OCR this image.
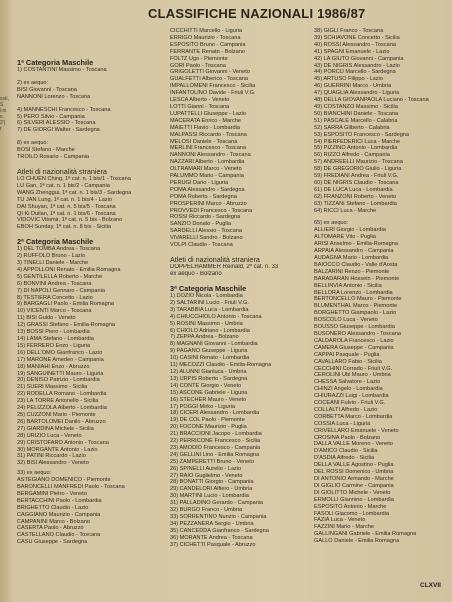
ssti,
S
i.ni
s.
2'(
r
CLASSIFICHE NAZIONALI 1986/87
1ª Categoria Maschile
1) COSTANTINI Massimo - Toscana
2) ex aequo:
BISI Giovanni - Toscana
NANNONI Lorenzo - Toscana
4) MANNESCHI Francesco - Toscana
5) PERO Silvio - Campania
6) SILVERI ALESSIO - Toscana
7) DE GIORGI Walter - Sardegna
8) ex aequo:
BOSI Stefano - Marche
TROILO Rosario - Campania
Atleti di nazionalità straniera
LO CHUEN Ching, 1ª cat. n. 1 bis/1 - Toscana
LU Gan, 1ª cat. n. 1 bis/2 - Campania
WANG Zhenggui, 1ª cat. n. 1 bis/3 - Sardegna
TU JAN Lung, 1ª cat. n. 1 bis/4 - Lazio
DAI Shuyan, 1ª cat. n. 5 bis/5 - Toscana
QI Ki Duilan, 1ª cat. n. 1 bis/6 - Toscana
VIDOVIC Vitomir, 1ª cat. n. 5 bis - Bolzano
EBOH Sunday, 1ª cat. n. 8 bis - Sicilia
2ª Categoria Maschile
1) DEL TOMBA Andrea - Toscana
2) RUFFOLO Bruno - Lazio
3) TINELLI Daniele - Marche
4) APPOLLONI Renato - Emilia Romagna
5) GENTILELLA Roberto - Marche
6) BONVINI Andrea - Toscana
7) DI NAPOLI Gennaro - Campania
8) TESTIERA Concetto - Lazio
9) BARGAGLI Paolo - Emilia Romagna
10) VICENTI Marco - Toscana
11) BISI Guido - Veneto
12) GRASSI Stefano - Emilia-Romagna
13) BOSSI Piero - Lombardia
14) LAMA Stefano - Lombardia
15) FERRERO Enzo - Liguria
16) DELL'OMO Gianfranco - Lazio
17) MARONE Amedeo - Campania
18) MANIAHI Enzo - Abruzzo
19) SANGUINETTI Mauro - Liguria
20) DENISO Patrizio - Lombardia
21) SUERI Massimo - Sicilia
22) RODELLA Romano - Lombardia
23) LA TORRE Antonello - Sicilia
24) PELIZZOLA Alberto - Lombardia
25) CUZZONI Mario - Piemonte
26) BARTOLOMEI Danilo - Abruzzo
27) GIARDINA Michele - Sicilia
28) URIZIO Luca - Veneto
29) CRISTOFARO Antonio - Toscana
30) MORGANTE Antonio - Lazio
31) PATINI Riccardo - Lazio
32) BISI Alessandro - Veneto
33) ex aequo:
ASTEGIANO DOMENICO - Piemonte
BARONCELLI MANFREDI Paolo - Toscana
BERGAMINI Pietro - Veneto
BERTACCHINI Paolo - Lombardia
BRIGHETTO Claudio - Lazio
CAGGIANO Maurizio - Campania
CAMPANINI Marco - Bolzano
CASERTA Paolo - Abruzzo
CASTELLANO Claudio - Toscana
CASU Giuseppe - Sardegna
CICCHITTI Marcello - Liguria
ERRIGO Maurizio - Toscana
ESPOSITO Bruno - Campania
FERRANTE Renato - Bolzano
FOLTZ Ugo - Piemonte
GORI Paolo - Toscana
GRIGOLETTI Giovanni - Veneto
GUALFETTI Alberico - Toscana
IMPALLOMENI Francesco - Sicilia
INFANTOLINO Davide - Friuli V.G.
LESCA Alberto - Veneto
LOTTI Gianni - Toscana
LUPATTELLI Giuseppe - Lazio
MACERATA Enrico - Marche
MAIETTI Flavio - Lombardia
MALPASSI Riccardo - Toscana
MELOSI Daniele - Toscana
MERLINI Francesco - Toscana
NANNONI Alessandro - Toscana
NAZZARI Alberto - Lombardia
OLTRAMARI Marco - Veneto
PALUMMO Mario - Campania
PERUGI Dario - Liguria
POMA Alessandro - Sardegna
POMA Roberto - Sardegna
PROSPERINI Marco - Abruzzo
PROVVEDI Francesco - Toscana
ROSSI Riccardo - Sardegna
SANZIO Donato - Puglia
SARDELLI Alessio - Toscana
VIVARELLI Sandro - Bolzano
VOLPI Claudio - Toscana
Atleti di nazionalità straniera
DOPPELHAMMER Reinald, 2ª cat. n. 33
ex aequo - Bolzano
3ª Categoria Maschile
1) DOZIO Nicola - Lombardia
2) SALTARINI Lucio - Friuli V.G.
3) TARABBIA Luca - Lombardia
4) CHIUCCHIOLO Antonio - Toscana
5) ROSINI Massimo - Umbria
6) CHIOLO Adriano - Lombardia
7) ZEPPA Andrea - Bolzano
8) MAGNANI Giovanni - Lombardia
9) PAGANO Giuseppe - Liguria
10) CASINI Renato - Lombardia
11) MECOZZI Claudio - Emilia-Romagna
12) ALUNNI Gianluca - Umbria
13) URPIS Roberto - Sardegna
14) CONTE Giorgio - Veneto
15) ASCONE Gabriele - Liguria
16) STECHER Mauro - Veneto
17) POGGI Mirko - Liguria
18) CICERI Alessandro - Lombardia
19) DE COL Paolo - Piemonte
20) FOCONE Maurizio - Puglia
21) BRACCIONI Jacopo - Lombardia
22) PERRICONE Francesco - Sicilia
23) AMODIO Francesco - Campania
24) GELLINI Lino - Emilia Romagna
25) ZAMPERETTI Bruno - Veneto
26) SPINELLI Aurelio - Lazio
27) RAIO Guglielmo - Veneto
28) BONATTI Giorgio - Campania
29) CANDELORI Alfiero - Umbria
30) MARTINI Lucio - Lombardia
31) PALLADINO Gerardo - Campania
32) BURGO Franco - Umbria
33) SORRENTINO Nunzio - Campania
34) PEZZANERA Sergio - Umbria
35) CANCEDDA Gianfranco - Sardegna
36) MORANTE Andrea - Toscana
37) CICHETTI Pasquale - Abruzzo
38) GIGLI Franco - Toscana
39) SCHIAVONE Concetto - Sicilia
40) ROSSI Alessandro - Toscana
41) SPAGNI Emanuele - Lazio
42) LA GIUTO Giovanni - Campania
43) DE NIGRIS Alessandro - Lazio
44) PORCU Marcello - Sardegna
45) ARTUSO Filippo - Lazio
46) GUERRINI Marco - Umbria
47) QUAGLIA Alessandro - Liguria
48) DELLA GIOVANPAOLA Luciano - Toscana
49) COSTANZO Massimo - Sicilia
50) BIANCHINI Daniele - Toscana
51) PASCALE Marcello - Calabria
52) SARRA Gilberto - Calabria
53) ESPOSITO Francesco - Sardegna
54) PIERFEDERICI Luca - Marche
55) PIZZINO Antonio - Lombardia
56) RIZZO Alfredo - Campania
57) ANDREELLI Maurizio - Toscana
58) DE GREGORIO Giulio - Liguria
59) FREDIANI Andrea - Friuli V.G.
60) DE NIGRIS Claudio - Toscana
61) DE LUCA Luca - Lombardia
62) FRANZONI Roberto - Veneto
63) TIZZANI Stefano - Lombardia
64) RICCI Luca - Marche
65) ex aequo:
ALLIERI Giorgio - Lombardia
ALTOMARE Vito - Puglia
ARISI Anselmo - Emilia-Romagna
ARPAIA Alessandro - Campania
AUDAGNA Mario - Lombardia
BAIOCCO Claudio - Valle d'Aosta
BALZARINI Renzo - Piemonte
BARADARAN Hossein - Piemonte
BELLINVIA Antonio - Sicilia
BELLORA Lorenzo - Lombardia
BERTONCELLO Mauro - Piemonte
BLUMENTHAL Marco - Piemonte
BORGHETTO Giampaolo - Lazio
BOSCOLO Luca - Veneto
BOUSSO Giuseppe - Lombardia
BUSONERO Alessandro - Toscana
CALDAROLA Francesco - Lazio
CAMERA Giuseppe - Campania
CAPPAI Pasquale - Puglia
CAVALLARO Fabio - Sicilia
CECCHINI Corrado - Friuli V.G.
CEROLINI Ubi Mauro - Umbria
CHESSA Salvatore - Lazio
CHINZI Angelo - Lombardia
CHIURAZZI Luigi - Lombardia
COCEANI Fulvio - Friuli V.G.
COLLALTI Alfredo - Lazio
CORBETTA Marco - Lombardia
COSSIA Luca - Liguria
CRIVELLARO Emanuele - Veneto
CROSINA Paolo - Bolzano
DALLA VALLE Moreno - Veneto
D'AMICO Claudio - Sicilia
D'ASDIA Alfredo - Sicilia
DELLA VALLE Agostino - Puglia
DEL ROSSI Domenico - Umbria
DI ANTONIO Armando - Marche
DI GIGLIO Carmine - Campania
DI GIOLITTO Michele - Veneto
ERMOLLI Giannino - Lombardia
ESPOSITO Antonio - Marche
FASOLI Giacomo - Lombardia
FAZIA Luca - Veneto
FAZZINI Mario - Marche
GALLINGANI Gabriele - Emilia Romagna
GALLO Daniele - Emilia Romagna
CLXVII
